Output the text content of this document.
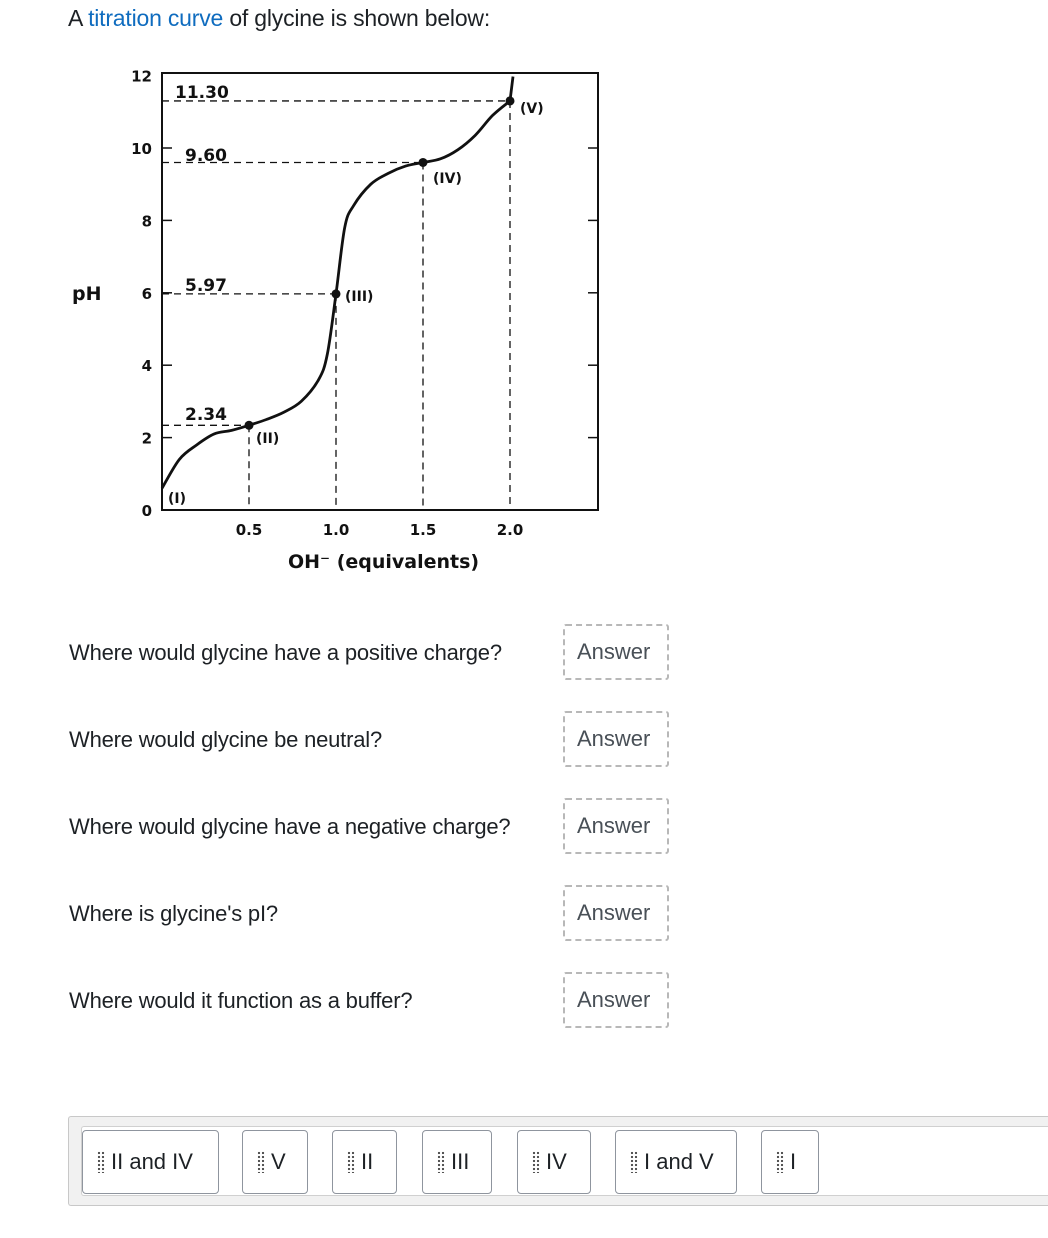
A titration curve of glycine is shown below:
0
2
4
6
8
10
12
0.5	1.0	1.5	2.0
11.30
9.60
5.97
2.34
(I)
(II)
(III)
(IV)
(V)
pH
OH⁻ (equivalents)
Where would glycine have a positive charge?	Answer
Where would glycine be neutral?	Answer
Where would glycine have a negative charge?	Answer
Where is glycine's pI?	Answer
Where would it function as a buffer?	Answer
II and IV	V	II	III	IV	I and V	I
